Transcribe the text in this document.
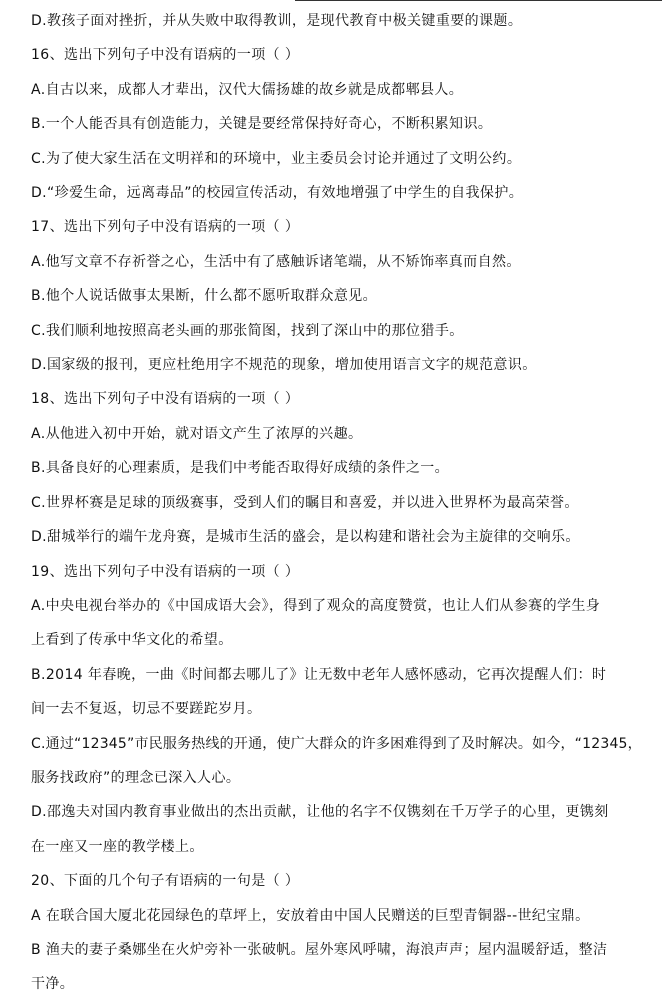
D.教孩子面对挫折，并从失败中取得教训，是现代教育中极关键重要的课题。
16、选出下列句子中没有语病的一项（ ）
A.自古以来，成都人才辈出，汉代大儒扬雄的故乡就是成都郫县人。
B.一个人能否具有创造能力，关键是要经常保持好奇心，不断积累知识。
C.为了使大家生活在文明祥和的环境中，业主委员会讨论并通过了文明公约。
D.“珍爱生命，远离毒品”的校园宣传活动，有效地增强了中学生的自我保护。
17、选出下列句子中没有语病的一项（ ）
A.他写文章不存祈誉之心，生活中有了感触诉诸笔端，从不矫饰率真而自然。
B.他个人说话做事太果断，什么都不愿听取群众意见。
C.我们顺利地按照高老头画的那张简图，找到了深山中的那位猎手。
D.国家级的报刊，更应杜绝用字不规范的现象，增加使用语言文字的规范意识。
18、选出下列句子中没有语病的一项（ ）
A.从他进入初中开始，就对语文产生了浓厚的兴趣。
B.具备良好的心理素质，是我们中考能否取得好成绩的条件之一。
C.世界杯赛是足球的顶级赛事，受到人们的瞩目和喜爱，并以进入世界杯为最高荣誉。
D.甜城举行的端午龙舟赛，是城市生活的盛会，是以构建和谐社会为主旋律的交响乐。
19、选出下列句子中没有语病的一项（ ）
A.中央电视台举办的《中国成语大会》，得到了观众的高度赞赏，也让人们从参赛的学生身
上看到了传承中华文化的希望。
B.2014 年春晚，一曲《时间都去哪儿了》让无数中老年人感怀感动，它再次提醒人们：时
间一去不复返，切忌不要蹉跎岁月。
C.通过“12345”市民服务热线的开通，使广大群众的许多困难得到了及时解决。如今，“12345，
服务找政府”的理念已深入人心。
D.邵逸夫对国内教育事业做出的杰出贡献，让他的名字不仅镌刻在千万学子的心里，更镌刻
在一座又一座的教学楼上。
20、下面的几个句子有语病的一句是（ ）
A 在联合国大厦北花园绿色的草坪上，安放着由中国人民赠送的巨型青铜器--世纪宝鼎。
B 渔夫的妻子桑娜坐在火炉旁补一张破帆。屋外寒风呼啸，海浪声声；屋内温暖舒适，整洁
干净。
